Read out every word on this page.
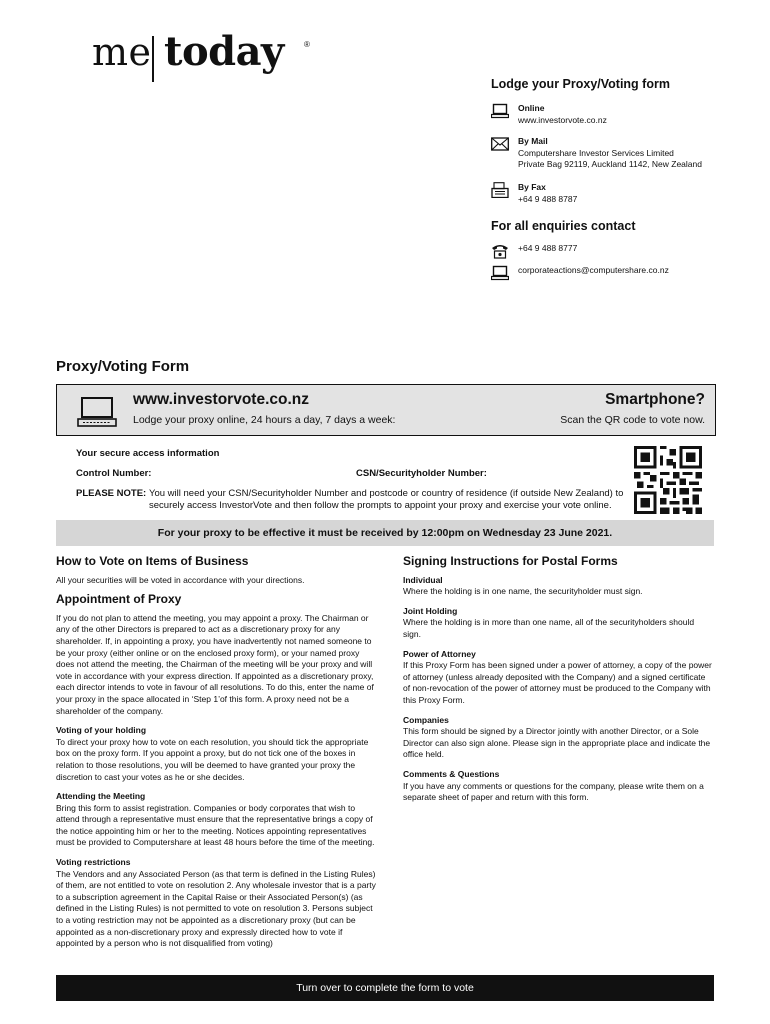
me today	®
Lodge your Proxy/Voting form
Online
www.investorvote.co.nz
By Mail
Computershare Investor Services Limited
Private Bag 92119, Auckland 1142, New Zealand
By Fax
+64 9 488 8787
For all enquiries contact
+64 9 488 8777
corporateactions@computershare.co.nz
Proxy/Voting Form
www.investorvote.co.nz
Lodge your proxy online, 24 hours a day, 7 days a week:
Smartphone?
Scan the QR code to vote now.
Your secure access information
Control Number:	CSN/Securityholder Number:
PLEASE NOTE: You will need your CSN/Securityholder Number and postcode or country of residence (if outside New Zealand) to securely access InvestorVote and then follow the prompts to appoint your proxy and exercise your vote online.
For your proxy to be effective it must be received by 12:00pm on Wednesday 23 June 2021.
How to Vote on Items of Business

All your securities will be voted in accordance with your directions.

Appointment of Proxy

If you do not plan to attend the meeting, you may appoint a proxy. The Chairman or any of the other Directors is prepared to act as a discretionary proxy for any shareholder. If, in appointing a proxy, you have inadvertently not named someone to be your proxy (either online or on the enclosed proxy form), or your named proxy does not attend the meeting, the Chairman of the meeting will be your proxy and will vote in accordance with your express direction. If appointed as a discretionary proxy, each director intends to vote in favour of all resolutions. To do this, enter the name of your proxy in the space allocated in ‘Step 1’of this form. A proxy need not be a shareholder of the company.

Voting of your holding

To direct your proxy how to vote on each resolution, you should tick the appropriate box on the proxy form. If you appoint a proxy, but do not tick one of the boxes in relation to those resolutions, you will be deemed to have granted your proxy the discretion to cast your votes as he or she decides.

Attending the Meeting

Bring this form to assist registration. Companies or body corporates that wish to attend through a representative must ensure that the representative brings a copy of the notice appointing him or her to the meeting. Notices appointing representatives must be provided to Computershare at least 48 hours before the time of the meeting.

Voting restrictions

The Vendors and any Associated Person (as that term is defined in the Listing Rules) of them, are not entitled to vote on resolution 2. Any wholesale investor that is a party to a subscription agreement in the Capital Raise or their Associated Person(s) (as defined in the Listing Rules) is not permitted to vote on resolution 3. Persons subject to a voting restriction may not be appointed as a discretionary proxy (but can be appointed as a non-discretionary proxy and expressly directed how to vote if appointed by a person who is not disqualified from voting)

Signing Instructions for Postal Forms
Individual

Where the holding is in one name, the securityholder must sign.

Joint Holding

Where the holding is in more than one name, all of the securityholders should sign.

Power of Attorney

If this Proxy Form has been signed under a power of attorney, a copy of the power of attorney (unless already deposited with the Company) and a signed certificate of non-revocation of the power of attorney must be produced to the Company with this Proxy Form.

Companies

This form should be signed by a Director jointly with another Director, or a Sole Director can also sign alone. Please sign in the appropriate place and indicate the office held.

Comments & Questions

If you have any comments or questions for the company, please write them on a separate sheet of paper and return with this form.

Turn over to complete the form to vote
